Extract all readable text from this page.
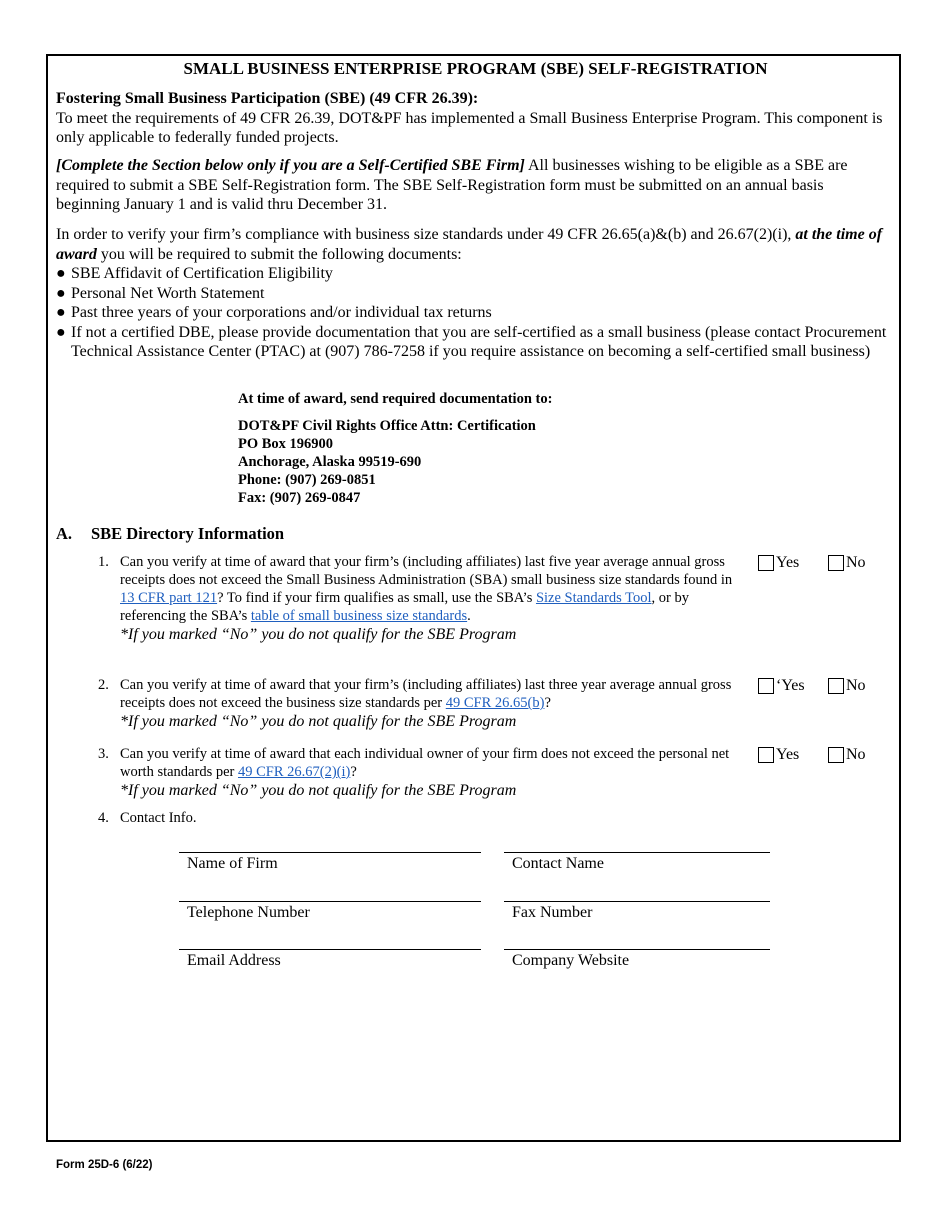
SMALL BUSINESS ENTERPRISE PROGRAM (SBE) SELF-REGISTRATION
Fostering Small Business Participation (SBE) (49 CFR 26.39):
To meet the requirements of 49 CFR 26.39, DOT&PF has implemented a Small Business Enterprise Program. This component is only applicable to federally funded projects.
[Complete the Section below only if you are a Self-Certified SBE Firm] All businesses wishing to be eligible as a SBE are required to submit a SBE Self-Registration form. The SBE Self-Registration form must be submitted on an annual basis beginning January 1 and is valid thru December 31.
In order to verify your firm’s compliance with business size standards under 49 CFR 26.65(a)&(b) and 26.67(2)(i), at the time of award you will be required to submit the following documents:
● SBE Affidavit of Certification Eligibility
● Personal Net Worth Statement
● Past three years of your corporations and/or individual tax returns
● If not a certified DBE, please provide documentation that you are self-certified as a small business (please contact Procurement Technical Assistance Center (PTAC) at (907) 786-7258 if you require assistance on becoming a self-certified small business)
At time of award, send required documentation to:
DOT&PF Civil Rights Office Attn: Certification
PO Box 196900
Anchorage, Alaska 99519-690
Phone: (907) 269-0851
Fax: (907) 269-0847
A. SBE Directory Information
1. Can you verify at time of award that your firm’s (including affiliates) last five year average annual gross receipts does not exceed the Small Business Administration (SBA) small business size standards found in 13 CFR part 121? To find if your firm qualifies as small, use the SBA’s Size Standards Tool, or by referencing the SBA’s table of small business size standards.
*If you marked “No” you do not qualify for the SBE Program
Yes	No
2. Can you verify at time of award that your firm’s (including affiliates) last three year average annual gross receipts does not exceed the business size standards per 49 CFR 26.65(b)?
*If you marked “No” you do not qualify for the SBE Program
‘Yes	No
3. Can you verify at time of award that each individual owner of your firm does not exceed the personal net worth standards per 49 CFR 26.67(2)(i)?
*If you marked “No” you do not qualify for the SBE Program
Yes	No
4. Contact Info.
Name of Firm	Contact Name
Telephone Number	Fax Number
Email Address	Company Website
Form 25D-6 (6/22)
